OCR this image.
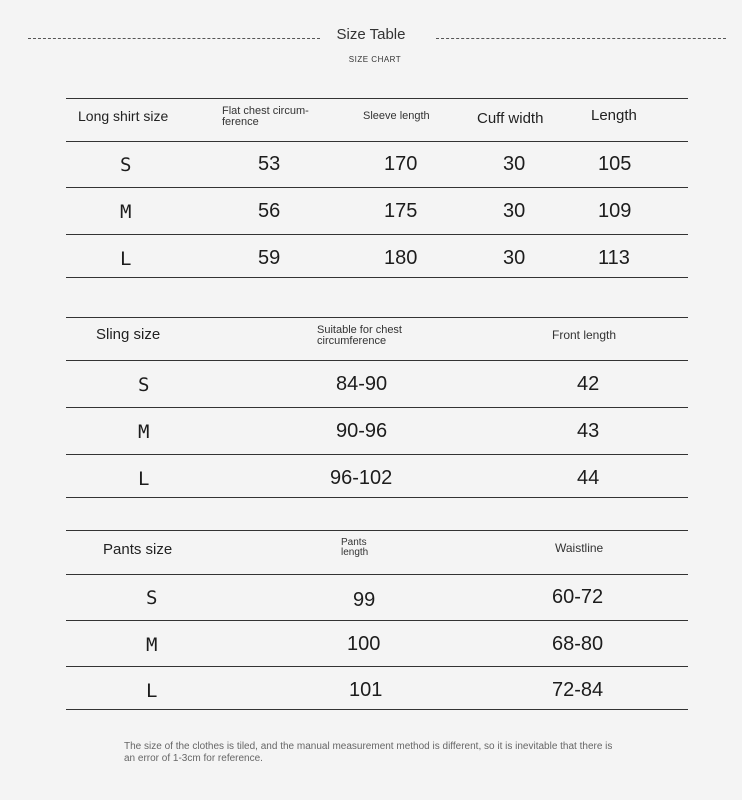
Size Table
SIZE CHART
Long shirt size	Flat chest circum-ference	Sleeve length	Cuff width	Length
S	53	170	30	105
M	56	175	30	109
L	59	180	30	113
Sling size	Suitable for chest circumference	Front length
S	84-90	42
M	90-96	43
L	96-102	44
Pants size	Pants length	Waistline
S	99	60-72
M	100	68-80
L	101	72-84
The size of the clothes is tiled, and the manual measurement method is different, so it is inevitable that there is an error of 1-3cm for reference.
